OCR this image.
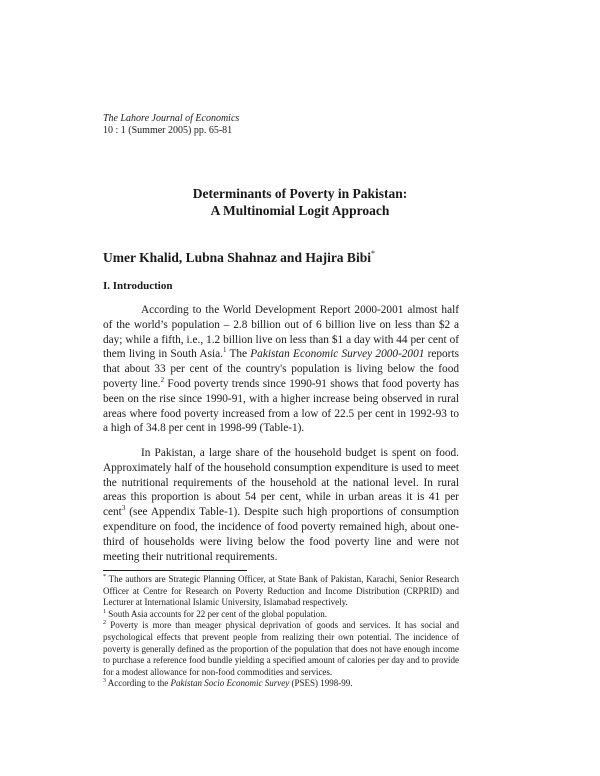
The Lahore Journal of Economics
10 : 1 (Summer 2005) pp. 65-81
Determinants of Poverty in Pakistan:
A Multinomial Logit Approach
Umer Khalid, Lubna Shahnaz and Hajira Bibi*
I. Introduction

According to the World Development Report 2000-2001 almost half of the world’s population – 2.8 billion out of 6 billion live on less than $2 a day; while a fifth, i.e., 1.2 billion live on less than $1 a day with 44 per cent of them living in South Asia.$^1$ The Pakistan Economic Survey 2000-2001 reports that about 33 per cent of the country's population is living below the food poverty line.$^2$ Food poverty trends since 1990-91 shows that food poverty has been on the rise since 1990-91, with a higher increase being observed in rural areas where food poverty increased from a low of 22.5 per cent in 1992-93 to a high of 34.8 per cent in 1998-99 (Table-1).

In Pakistan, a large share of the household budget is spent on food. Approximately half of the household consumption expenditure is used to meet the nutritional requirements of the household at the national level. In rural areas this proportion is about 54 per cent, while in urban areas it is 41 per cent$^3$ (see Appendix Table-1). Despite such high proportions of consumption expenditure on food, the incidence of food poverty remained high, about one-third of households were living below the food poverty line and were not meeting their nutritional requirements.

* The authors are Strategic Planning Officer, at State Bank of Pakistan, Karachi, Senior Research Officer at Centre for Research on Poverty Reduction and Income Distribution (CRPRID) and Lecturer at International Islamic University, Islamabad respectively.

$^1$ South Asia accounts for 22 per cent of the global population.

$^2$ Poverty is more than meager physical deprivation of goods and services. It has social and psychological effects that prevent people from realizing their own potential. The incidence of poverty is generally defined as the proportion of the population that does not have enough income to purchase a reference food bundle yielding a specified amount of calories per day and to provide for a modest allowance for non-food commodities and services.

$^3$ According to the Pakistan Socio Economic Survey (PSES) 1998-99.
